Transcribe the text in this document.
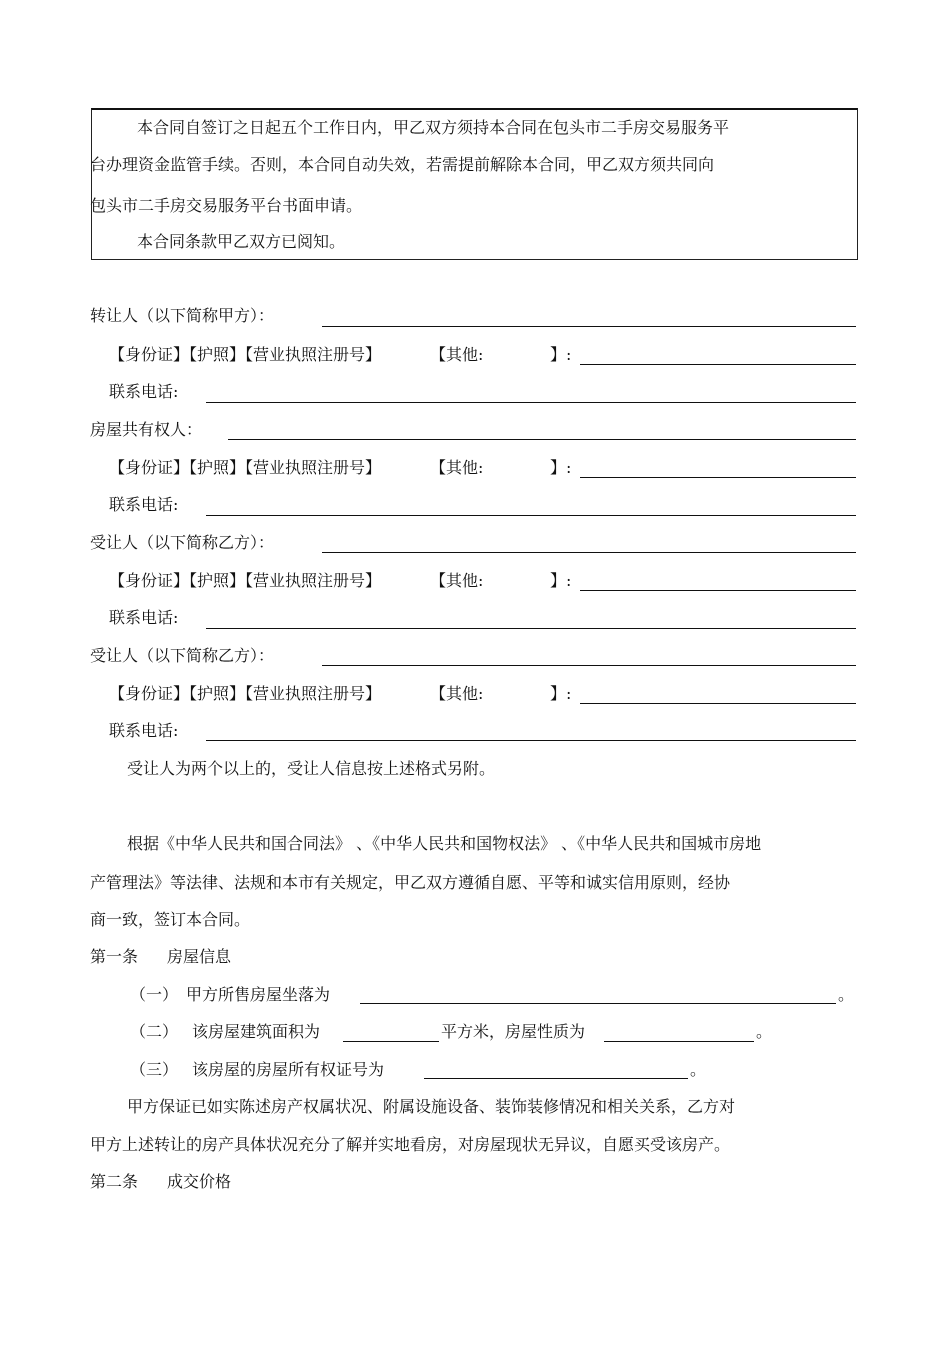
本合同自签订之日起五个工作日内，甲乙双方须持本合同在包头市二手房交易服务平
台办理资金监管手续。否则，本合同自动失效，若需提前解除本合同，甲乙双方须共同向
包头市二手房交易服务平台书面申请。
本合同条款甲乙双方已阅知。
转让人（以下简称甲方）：
【身份证】【护照】【营业执照注册号】	【其他:	】:
联系电话:
房屋共有权人：
【身份证】【护照】【营业执照注册号】	【其他:	】:
联系电话:
受让人（以下简称乙方）：
【身份证】【护照】【营业执照注册号】	【其他:	】:
联系电话:
受让人（以下简称乙方）：
【身份证】【护照】【营业执照注册号】	【其他:	】:
联系电话:
受让人为两个以上的，受让人信息按上述格式另附。
根据《中华人民共和国合同法》 、《中华人民共和国物权法》 、《中华人民共和国城市房地
产管理法》等法律、法规和本市有关规定，甲乙双方遵循自愿、平等和诚实信用原则，经协
商一致，签订本合同。
第一条 房屋信息
（一） 甲方所售房屋坐落为	。
（二） 该房屋建筑面积为	平方米，房屋性质为	。
（三） 该房屋的房屋所有权证号为	。
甲方保证已如实陈述房产权属状况、附属设施设备、装饰装修情况和相关关系，乙方对
甲方上述转让的房产具体状况充分了解并实地看房，对房屋现状无异议，自愿买受该房产。
第二条 成交价格
